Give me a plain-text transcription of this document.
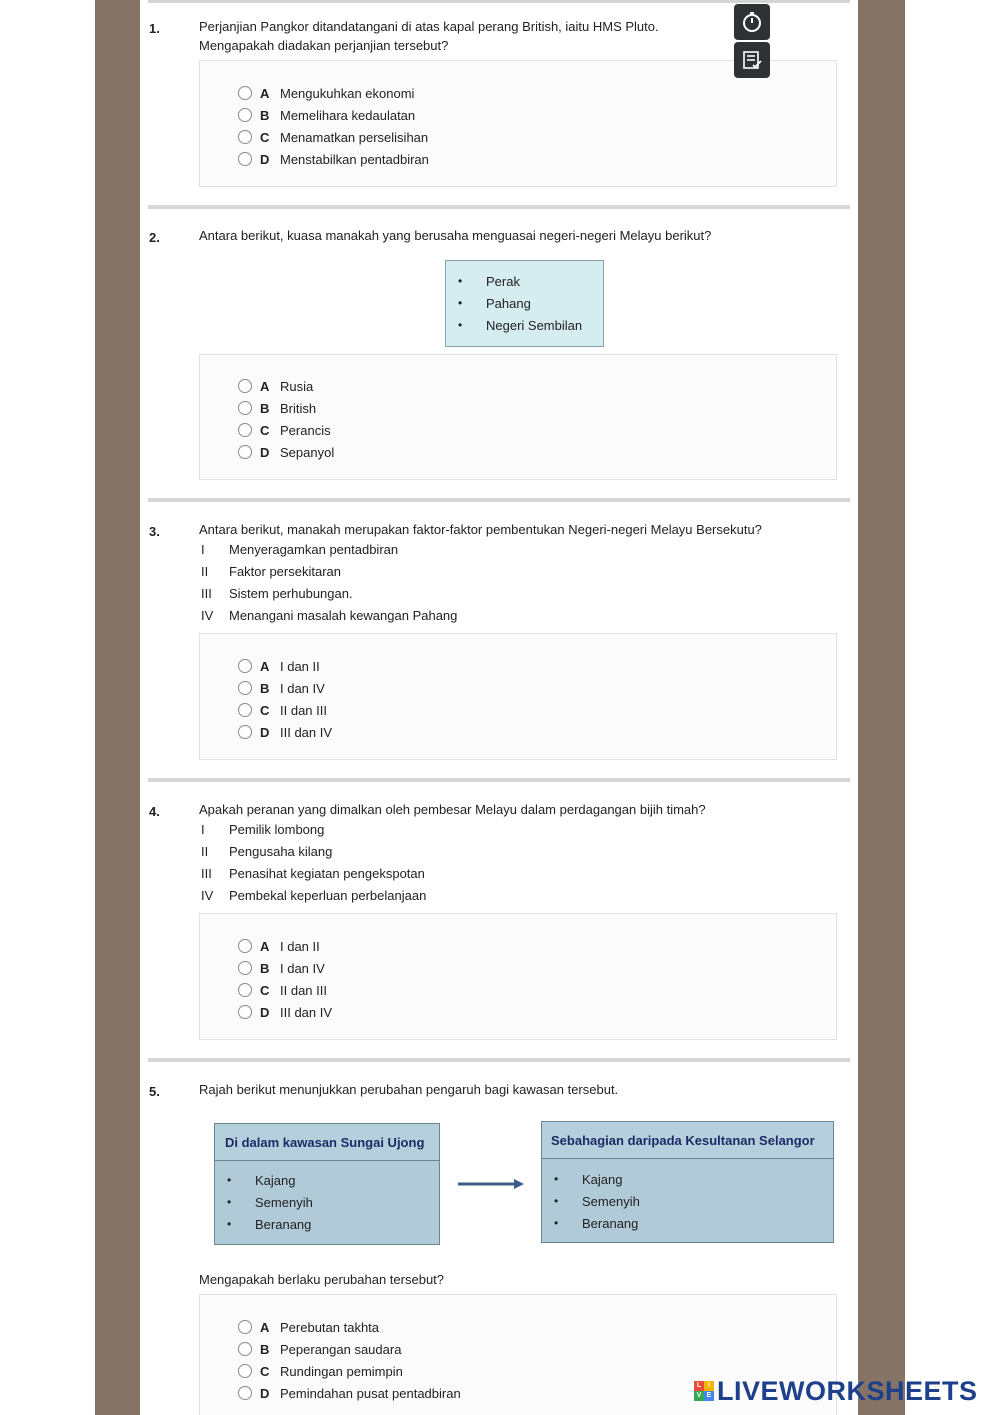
1.	Perjanjian Pangkor ditandatangani di atas kapal perang British, iaitu HMS Pluto.
Mengapakah diadakan perjanjian tersebut?
A Mengukuhkan ekonomi
B Memelihara kedaulatan
C Menamatkan perselisihan
D Menstabilkan pentadbiran
2.	Antara berikut, kuasa manakah yang berusaha menguasai negeri-negeri Melayu berikut?
•	Perak
•	Pahang
•	Negeri Sembilan
A Rusia
B British
C Perancis
D Sepanyol
3.	Antara berikut, manakah merupakan faktor-faktor pembentukan Negeri-negeri Melayu Bersekutu?
I	Menyeragamkan pentadbiran
II	Faktor persekitaran
III	Sistem perhubungan.
IV	Menangani masalah kewangan Pahang
A I dan II
B I dan IV
C II dan III
D III dan IV
4.	Apakah peranan yang dimalkan oleh pembesar Melayu dalam perdagangan bijih timah?
I	Pemilik lombong
II	Pengusaha kilang
III	Penasihat kegiatan pengekspotan
IV	Pembekal keperluan perbelanjaan
A I dan II
B I dan IV
C II dan III
D III dan IV
5.	Rajah berikut menunjukkan perubahan pengaruh bagi kawasan tersebut.
Di dalam kawasan Sungai Ujong
•	Kajang
•	Semenyih
•	Beranang
Sebahagian daripada Kesultanan Selangor
•	Kajang
•	Semenyih
•	Beranang
Mengapakah berlaku perubahan tersebut?
A Perebutan takhta
B Peperangan saudara
C Rundingan pemimpin
D Pemindahan pusat pentadbiran	L I
V E LIVEWORKSHEETS
